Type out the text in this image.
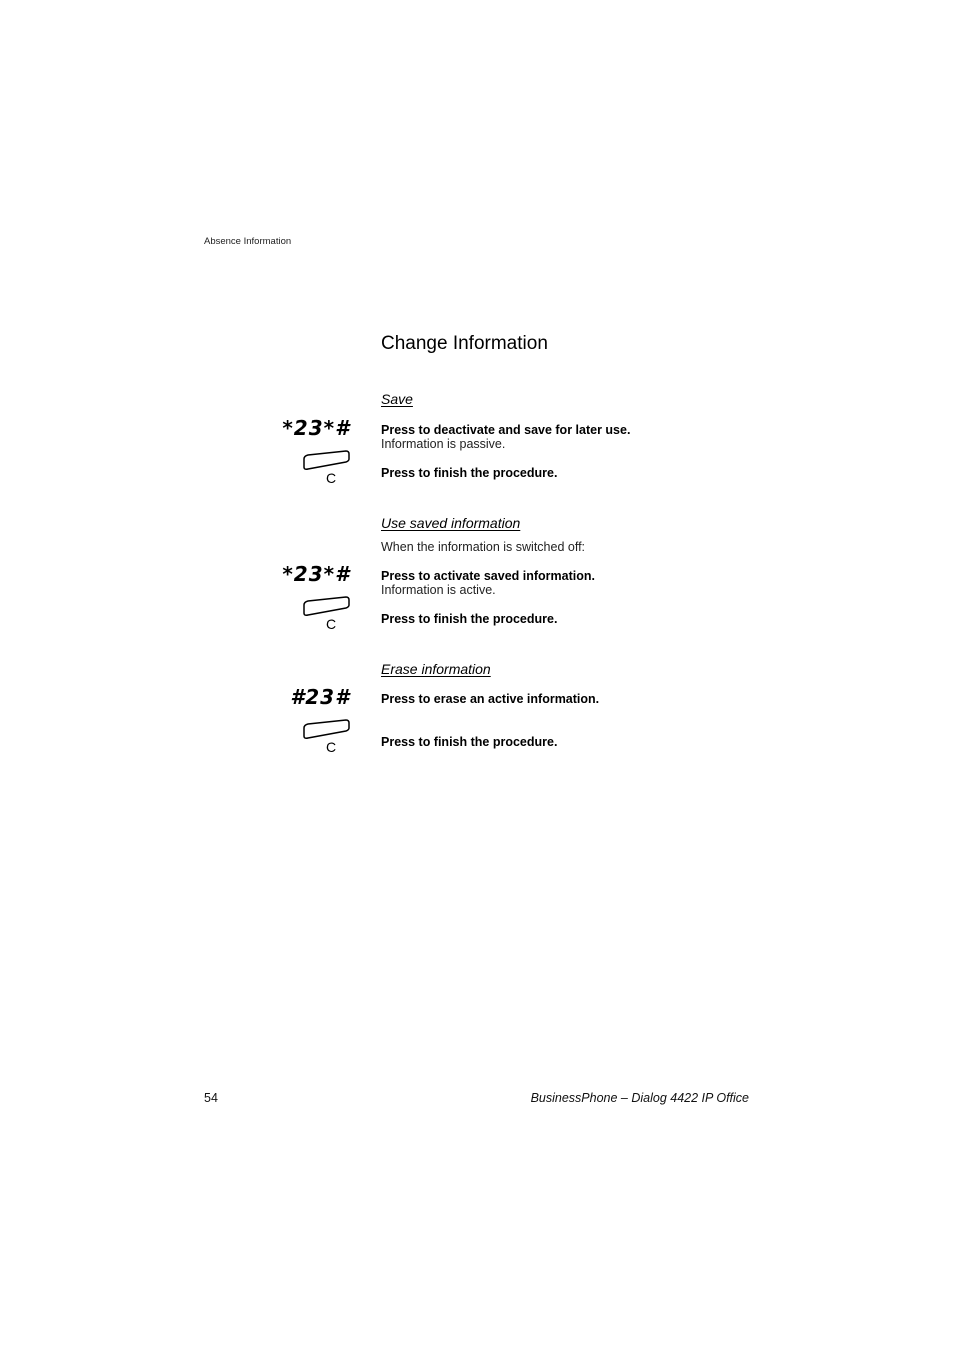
Absence Information
Change Information
Save
*23*# Press to deactivate and save for later use.
Information is passive.
C	Press to finish the procedure.
Use saved information
When the information is switched off:
*23*# Press to activate saved information.
Information is active.
C	Press to finish the procedure.
Erase information
#23# Press to erase an active information.
C	Press to finish the procedure.
54	BusinessPhone – Dialog 4422 IP Office
